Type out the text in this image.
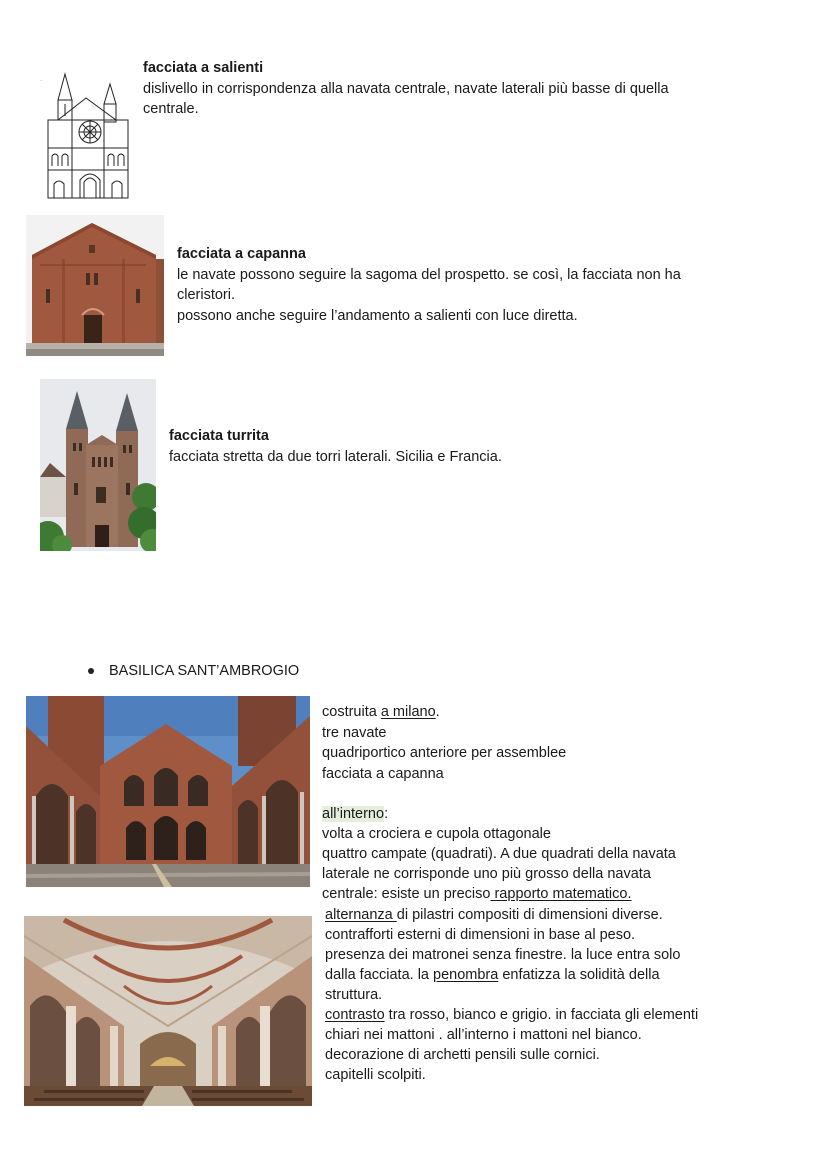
~
facciata a salienti
dislivello in corrispondenza alla navata centrale, navate laterali più basse di quella
centrale.
facciata a capanna
le navate possono seguire la sagoma del prospetto. se così, la facciata non ha
cleristori.
possono anche seguire l’andamento a salienti con luce diretta.
facciata turrita
facciata stretta da due torri laterali. Sicilia e Francia.
BASILICA SANT’AMBROGIO
costruita a milano.
tre navate
quadriportico anteriore per assemblee
facciata a capanna
all’interno:
volta a crociera e cupola ottagonale
quattro campate (quadrati). A due quadrati della navata
laterale ne corrisponde uno più grosso della navata
centrale: esiste un preciso rapporto matematico.
alternanza di pilastri compositi di dimensioni diverse.
contrafforti esterni di dimensioni in base al peso.
presenza dei matronei senza finestre. la luce entra solo
dalla facciata. la penombra enfatizza la solidità della
struttura.
contrasto tra rosso, bianco e grigio. in facciata gli elementi
chiari nei mattoni . all’interno i mattoni nel bianco.
decorazione di archetti pensili sulle cornici.
capitelli scolpiti.
